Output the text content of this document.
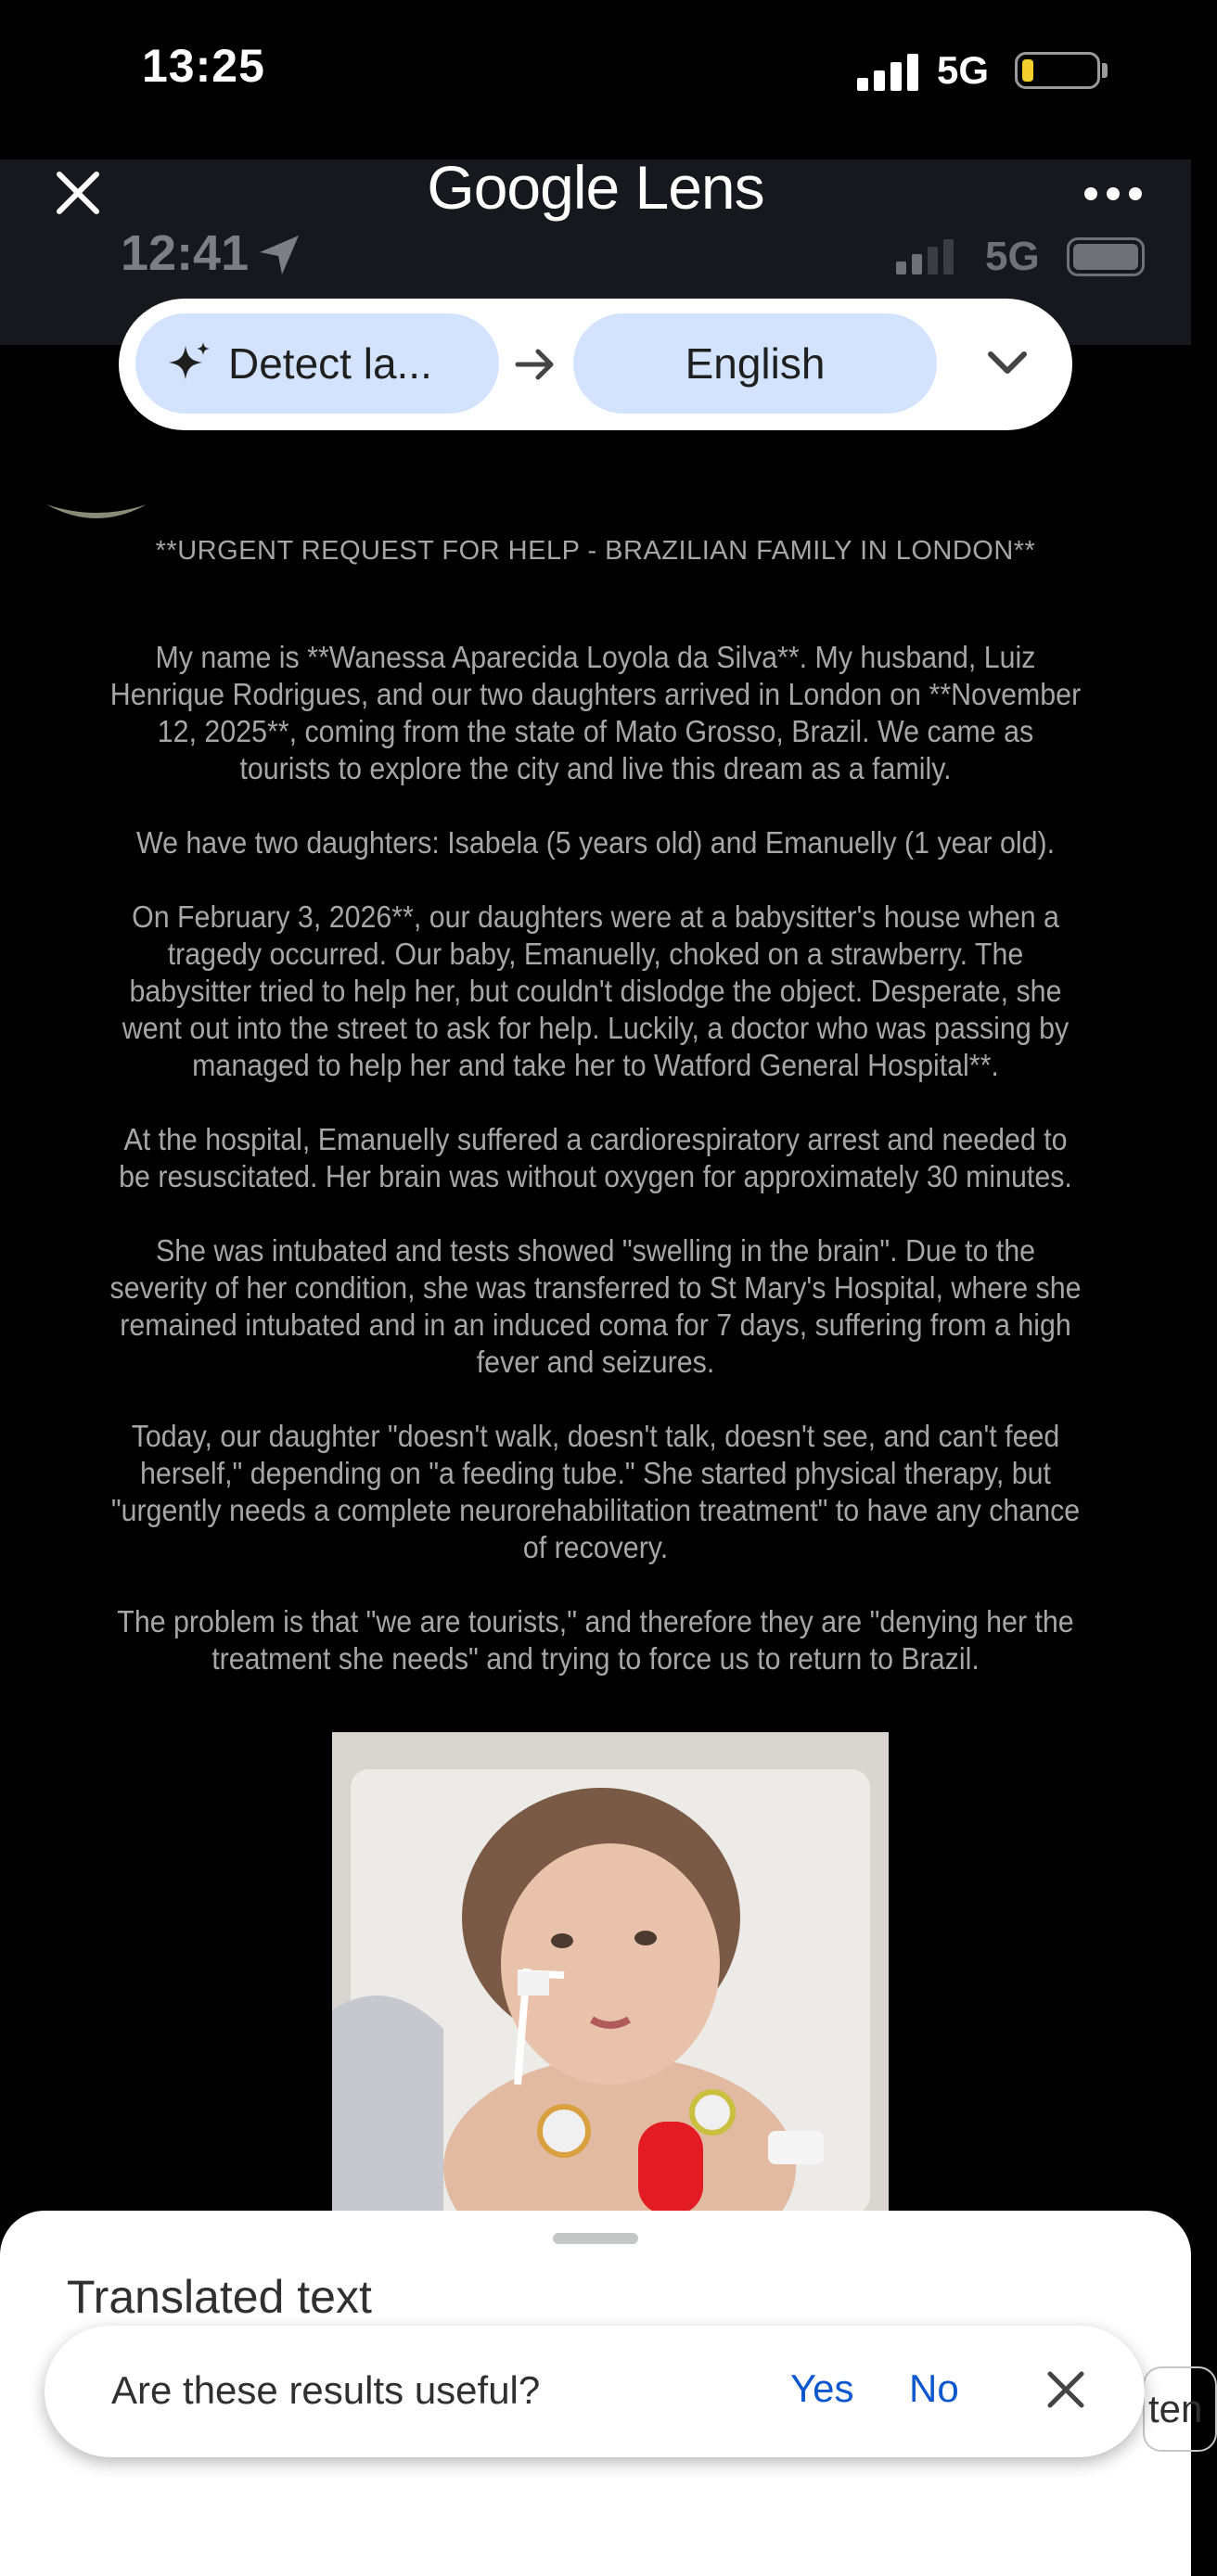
13:25	5G
12:41	5G
Google Lens
Detect la...	English

**URGENT REQUEST FOR HELP - BRAZILIAN FAMILY IN LONDON**

My name is **Wanessa Aparecida Loyola da Silva**. My husband, Luiz Henrique Rodrigues, and our two daughters arrived in London on **November 12, 2025**, coming from the state of Mato Grosso, Brazil. We came as tourists to explore the city and live this dream as a family.

We have two daughters: Isabela (5 years old) and Emanuelly (1 year old).

On February 3, 2026**, our daughters were at a babysitter's house when a tragedy occurred. Our baby, Emanuelly, choked on a strawberry. The babysitter tried to help her, but couldn't dislodge the object. Desperate, she went out into the street to ask for help. Luckily, a doctor who was passing by managed to help her and take her to Watford General Hospital**.

At the hospital, Emanuelly suffered a cardiorespiratory arrest and needed to be resuscitated. Her brain was without oxygen for approximately 30 minutes.

She was intubated and tests showed "swelling in the brain". Due to the severity of her condition, she was transferred to St Mary's Hospital, where she remained intubated and in an induced coma for 7 days, suffering from a high fever and seizures.

Today, our daughter "doesn't walk, doesn't talk, doesn't see, and can't feed herself," depending on "a feeding tube." She started physical therapy, but "urgently needs a complete neurorehabilitation treatment" to have any chance of recovery.

The problem is that "we are tourists," and therefore they are "denying her the treatment she needs" and trying to force us to return to Brazil.

Translated text
ten
Are these results useful?	Yes No
